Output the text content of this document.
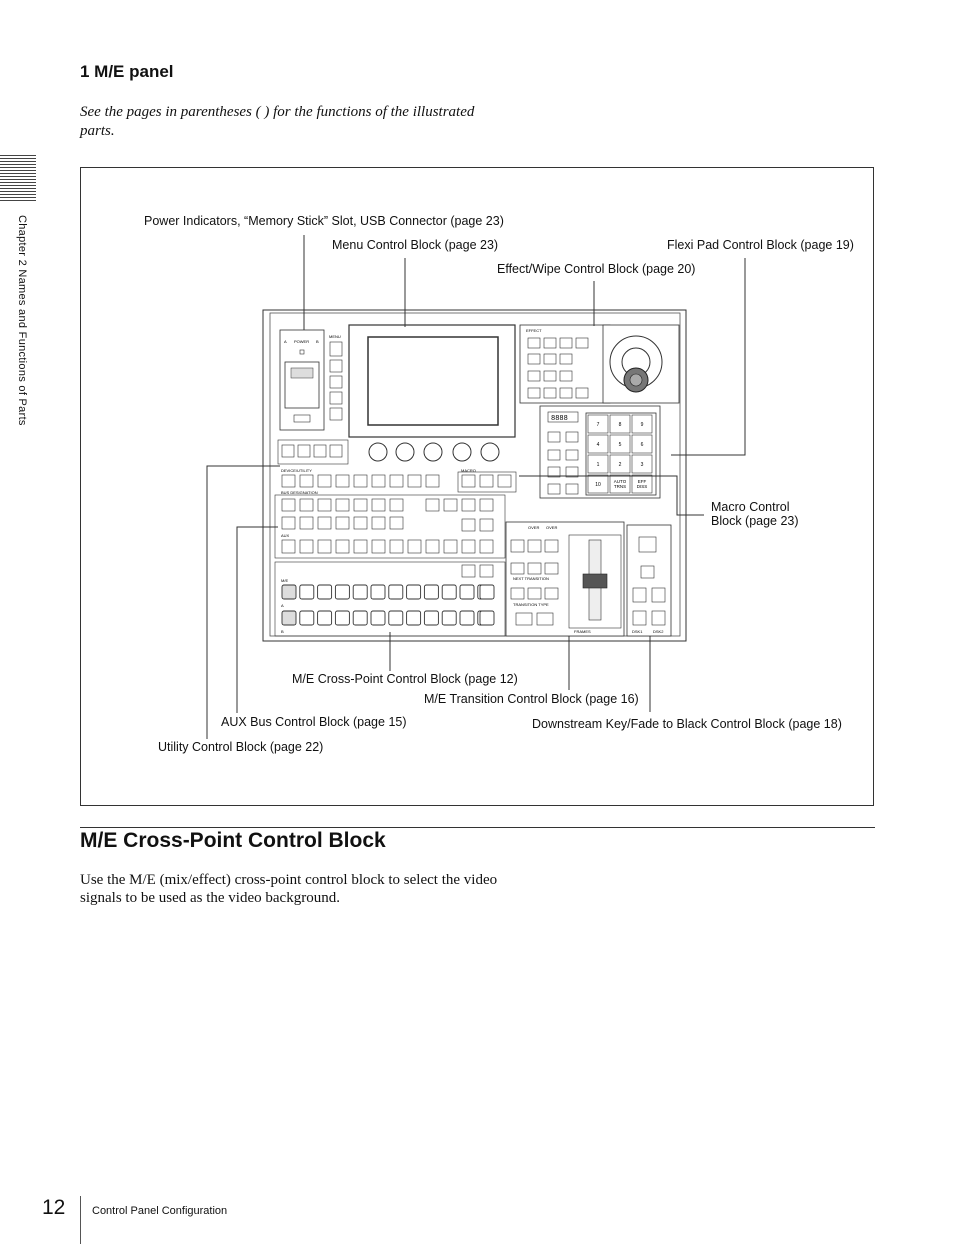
Chapter 2 Names and Functions of Parts
1 M/E panel

See the pages in parentheses ( ) for the functions of the illustrated parts.

A	B
POWER
MENU
EFFECT
8888
7	8	9
4	5	6
1	2	3
10
AUTO
TRNS
EFF
DISS
DEVICE/UTILITY	MACRO
BUS DESIGNATION
AUX
M/E
A
B
OVER OVER
NEXT TRANSITION
TRANSITION TYPE
FRAMES	DSK1	DSK2
Power Indicators, “Memory Stick” Slot, USB Connector (page 23)
Menu Control Block (page 23)	Flexi Pad Control Block (page 19)
Effect/Wipe Control Block (page 20)
Macro Control
Block (page 23)
M/E Cross-Point Control Block (page 12)
M/E Transition Control Block (page 16)
AUX Bus Control Block (page 15)	Downstream Key/Fade to Black Control Block (page 18)
Utility Control Block (page 22)
M/E Cross-Point Control Block

Use the M/E (mix/effect) cross-point control block to select the video signals to be used as the video background.

12 Control Panel Configuration
